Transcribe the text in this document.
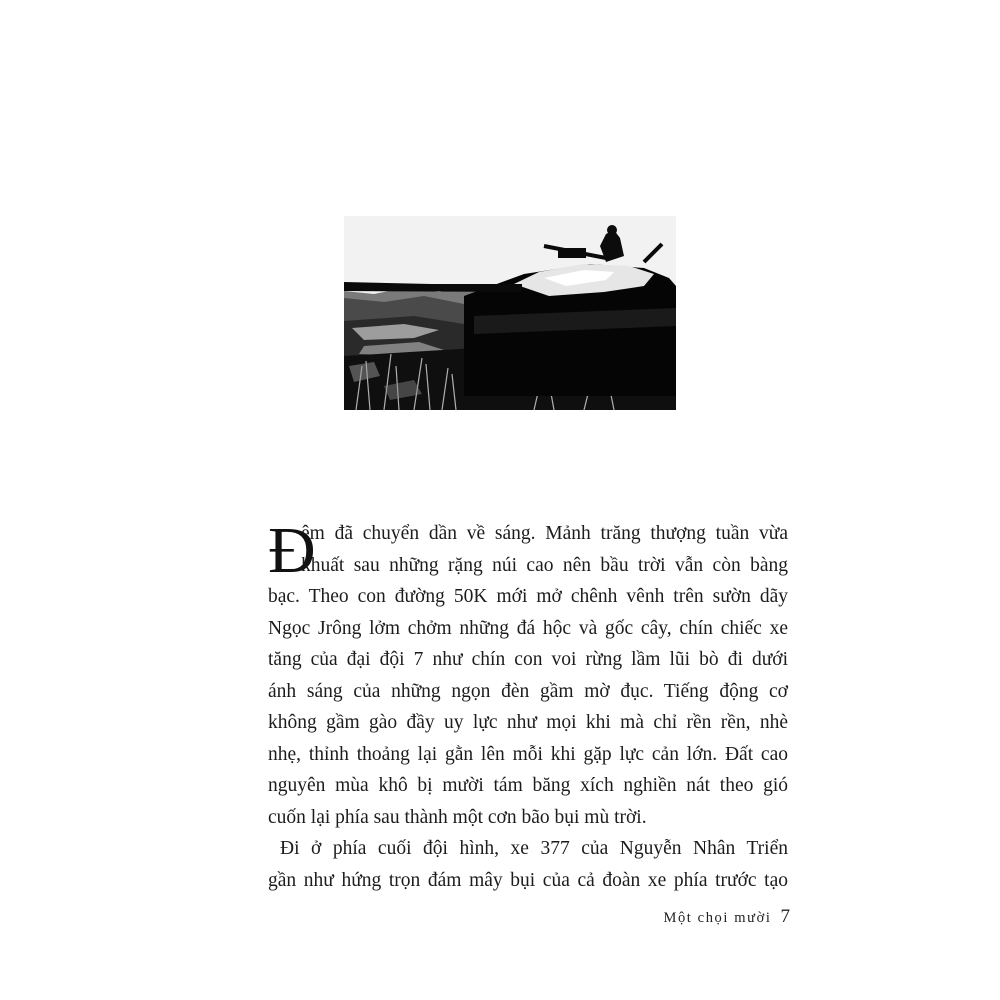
Đ
êm đã chuyển dần về sáng. Mảnh trăng thượng tuần vừa
khuất sau những rặng núi cao nên bầu trời vẫn còn bàng
bạc. Theo con đường 50K mới mở chênh vênh trên sườn dãy
Ngọc Jrông lởm chởm những đá hộc và gốc cây, chín chiếc xe
tăng của đại đội 7 như chín con voi rừng lầm lũi bò đi dưới
ánh sáng của những ngọn đèn gầm mờ đục. Tiếng động cơ
không gầm gào đầy uy lực như mọi khi mà chỉ rền rền, nhè
nhẹ, thỉnh thoảng lại gằn lên mỗi khi gặp lực cản lớn. Đất cao
nguyên mùa khô bị mười tám băng xích nghiền nát theo gió
cuốn lại phía sau thành một cơn bão bụi mù trời.
Đi ở phía cuối đội hình, xe 377 của Nguyễn Nhân Triển
gần như hứng trọn đám mây bụi của cả đoàn xe phía trước tạo
Một chọi mười 7
